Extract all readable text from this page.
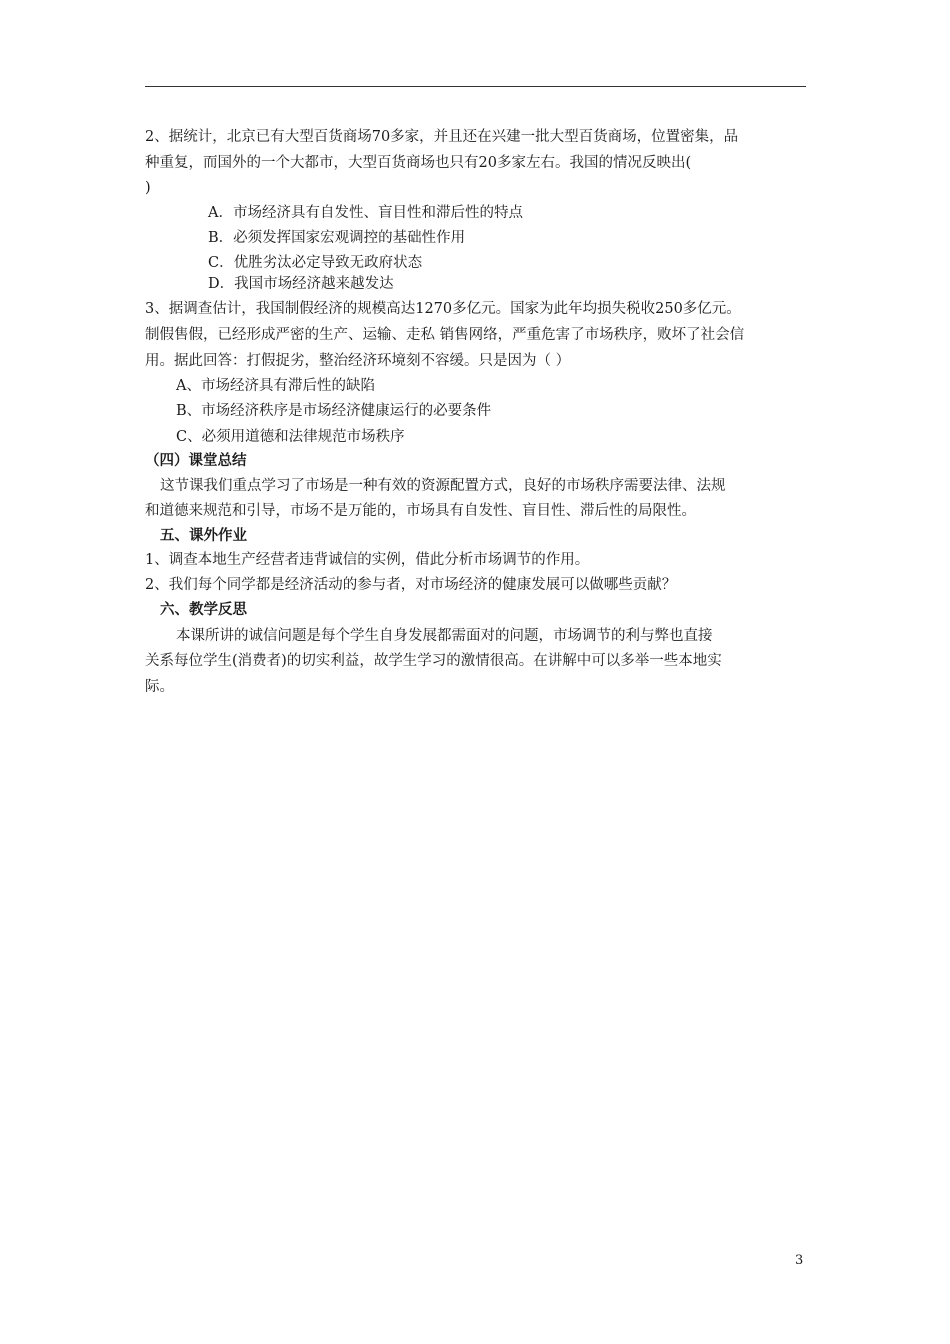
2、据统计，北京已有大型百货商场70多家，并且还在兴建一批大型百货商场，位置密集，品
种重复，而国外的一个大都市，大型百货商场也只有20多家左右。我国的情况反映出(
)
A．市场经济具有自发性、盲目性和滞后性的特点
B．必须发挥国家宏观调控的基础性作用
C．优胜劣汰必定导致无政府状态
D．我国市场经济越来越发达
3、据调查估计，我国制假经济的规模高达1270多亿元。国家为此年均损失税收250多亿元。
制假售假，已经形成严密的生产、运输、走私 销售网络，严重危害了市场秩序，败坏了社会信
用。据此回答：打假捉劣，整治经济环境刻不容缓。只是因为（ ）
A、市场经济具有滞后性的缺陷
B、市场经济秩序是市场经济健康运行的必要条件
C、必须用道德和法律规范市场秩序
（四）课堂总结
这节课我们重点学习了市场是一种有效的资源配置方式，良好的市场秩序需要法律、法规
和道德来规范和引导，市场不是万能的，市场具有自发性、盲目性、滞后性的局限性。
五、课外作业
1、调查本地生产经营者违背诚信的实例，借此分析市场调节的作用。
2、我们每个同学都是经济活动的参与者，对市场经济的健康发展可以做哪些贡献？
六、教学反思
本课所讲的诚信问题是每个学生自身发展都需面对的问题，市场调节的利与弊也直接
关系每位学生(消费者)的切实利益，故学生学习的激情很高。在讲解中可以多举一些本地实
际。
3
